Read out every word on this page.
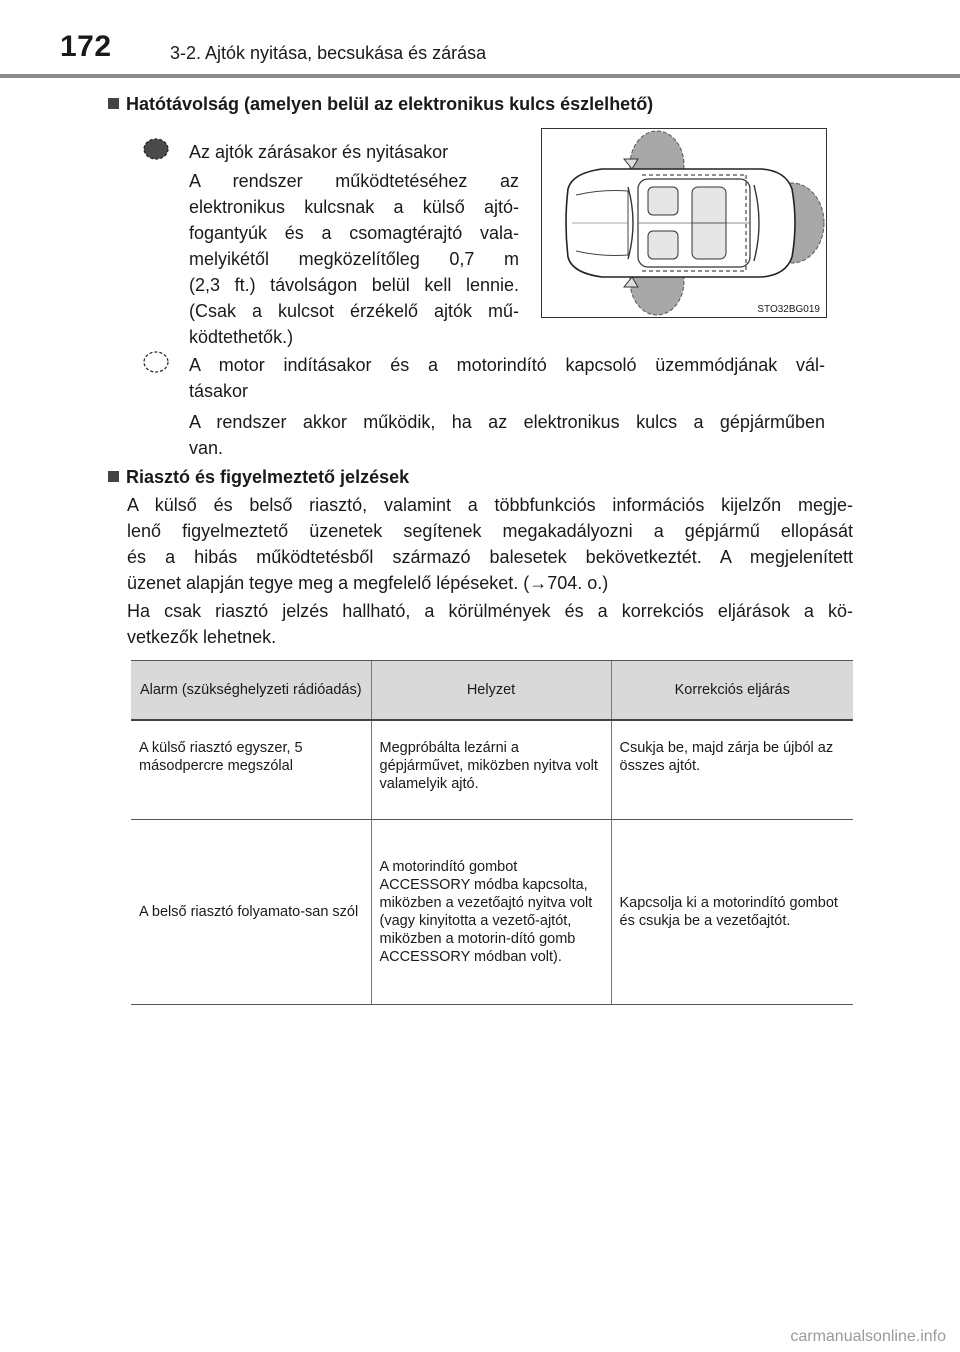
172	3-2. Ajtók nyitása, becsukása és zárása
Hatótávolság (amelyen belül az elektronikus kulcs észlelhető)
Az ajtók zárásakor és nyitásakor
A rendszer működtetéséhez az
elektronikus kulcsnak a külső ajtó-
fogantyúk és a csomagtérajtó vala-
melyikétől megközelítőleg 0,7 m
(2,3 ft.) távolságon belül kell lennie.
(Csak a kulcsot érzékelő ajtók mű-
ködtethetők.)
STO32BG019
A motor indításakor és a motorindító kapcsoló üzemmódjának vál-
tásakor
A rendszer akkor működik, ha az elektronikus kulcs a gépjárműben
van.
Riasztó és figyelmeztető jelzések
A külső és belső riasztó, valamint a többfunkciós információs kijelzőn megje-
lenő figyelmeztető üzenetek segítenek megakadályozni a gépjármű ellopását
és a hibás működtetésből származó balesetek bekövetkeztét. A megjelenített
üzenet alapján tegye meg a megfelelő lépéseket. (→704. o.)
Ha csak riasztó jelzés hallható, a körülmények és a korrekciós eljárások a kö-
vetkezők lehetnek.
Alarm (szükséghelyzeti rádióadás)	Helyzet	Korrekciós eljárás
A külső riasztó egyszer, 5 másodpercre megszólal	Megpróbálta lezárni a gépjárművet, miközben nyitva volt valamelyik ajtó.	Csukja be, majd zárja be újból az összes ajtót.
A belső riasztó folyamato-san szól	A motorindító gombot ACCESSORY módba kapcsolta, miközben a vezetőajtó nyitva volt (vagy kinyitotta a vezető-ajtót, miközben a motorin-dító gomb ACCESSORY módban volt).	Kapcsolja ki a motorindító gombot és csukja be a vezetőajtót.
carmanualsonline.info
